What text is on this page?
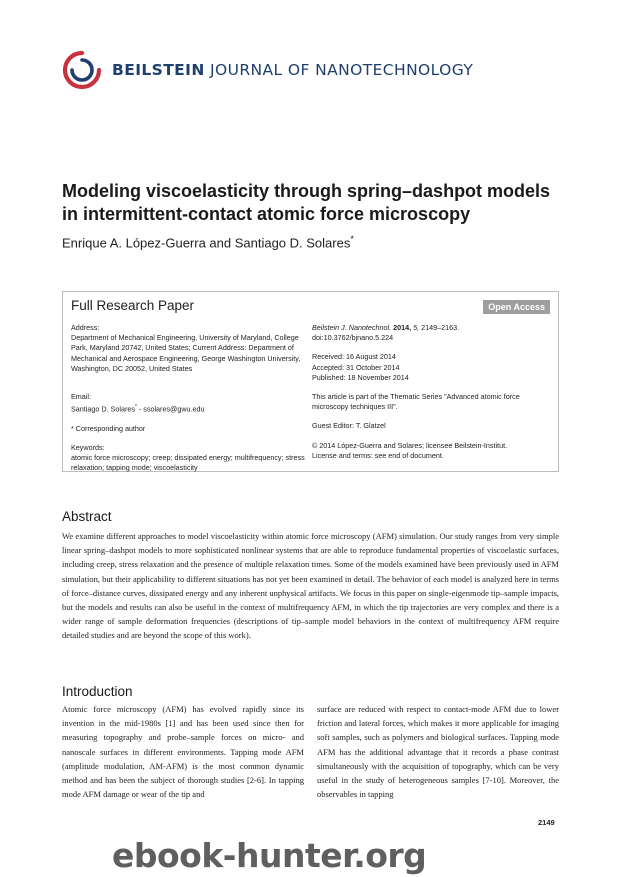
BEILSTEIN JOURNAL OF NANOTECHNOLOGY
Modeling viscoelasticity through spring–dashpot models in intermittent-contact atomic force microscopy
Enrique A. López-Guerra and Santiago D. Solares*
Full Research Paper	Open Access
Address:

Department of Mechanical Engineering, University of Maryland, College Park, Maryland 20742, United States; Current Address: Department of Mechanical and Aerospace Engineering, George Washington University, Washington, DC 20052, United States

Email:

Santiago D. Solares* - ssolares@gwu.edu

* Corresponding author

Keywords:
atomic force microscopy; creep; dissipated energy; multifrequency; stress relaxation; tapping mode; viscoelasticity
Beilstein J. Nanotechnol. 2014, 5, 2149–2163.

doi:10.3762/bjnano.5.224

Received: 16 August 2014
Accepted: 31 October 2014

Published: 18 November 2014

This article is part of the Thematic Series "Advanced atomic force microscopy techniques III".

Guest Editor: T. Glatzel

© 2014 López-Guerra and Solares; licensee Beilstein-Institut.
License and terms: see end of document.
Abstract

We examine different approaches to model viscoelasticity within atomic force microscopy (AFM) simulation. Our study ranges from very simple linear spring–dashpot models to more sophisticated nonlinear systems that are able to reproduce fundamental properties of viscoelastic surfaces, including creep, stress relaxation and the presence of multiple relaxation times. Some of the models examined have been previously used in AFM simulation, but their applicability to different situations has not yet been examined in detail. The behavior of each model is analyzed here in terms of force–distance curves, dissipated energy and any inherent unphysical artifacts. We focus in this paper on single-eigenmode tip–sample impacts, but the models and results can also be useful in the context of multifrequency AFM, in which the tip trajectories are very complex and there is a wider range of sample deformation frequencies (descriptions of tip–sample model behaviors in the context of multifrequency AFM require detailed studies and are beyond the scope of this work).

Introduction

Atomic force microscopy (AFM) has evolved rapidly since its invention in the mid-1980s [1] and has been used since then for measuring topography and probe–sample forces on micro- and nanoscale surfaces in different environments. Tapping mode AFM (amplitude modulation, AM-AFM) is the most common dynamic method and has been the subject of thorough studies [2-6]. In tapping mode AFM damage or wear of the tip and

surface are reduced with respect to contact-mode AFM due to lower friction and lateral forces, which makes it more applicable for imaging soft samples, such as polymers and biological surfaces. Tapping mode AFM has the additional advantage that it records a phase contrast simultaneously with the acquisition of topography, which can be very useful in the study of heterogeneous samples [7-10]. Moreover, the observables in tapping

2149
ebook-hunter.org
